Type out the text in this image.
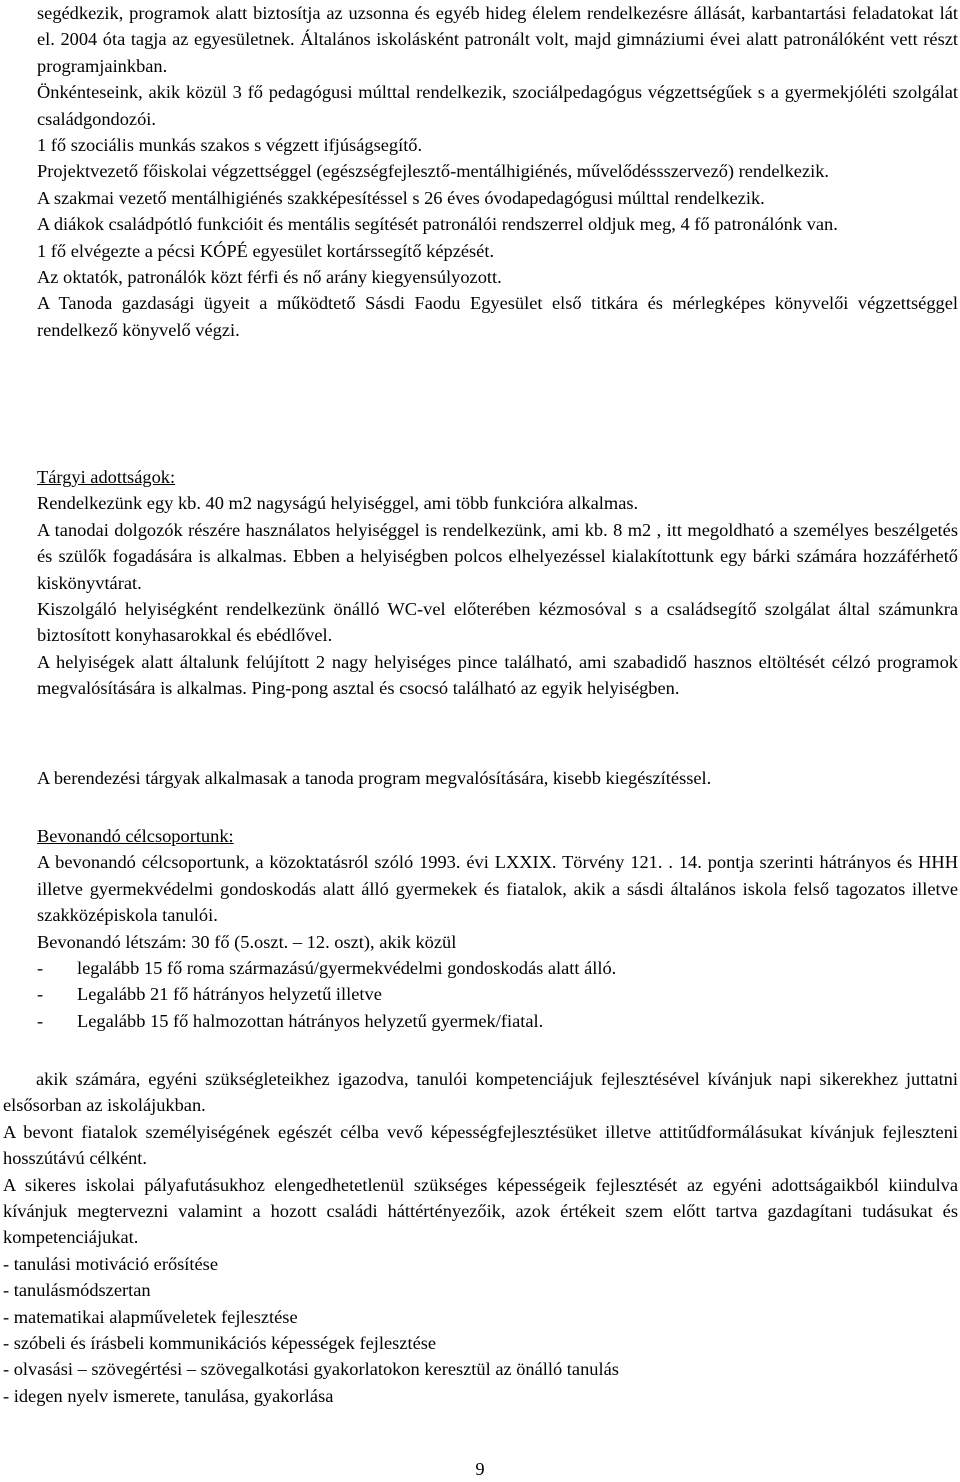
segédkezik, programok alatt biztosítja az uzsonna és egyéb hideg élelem rendelkezésre állását, karbantartási feladatokat lát el. 2004 óta tagja az egyesületnek. Általános iskolásként patronált volt, majd gimnáziumi évei alatt patronálóként vett részt programjainkban.

Önkénteseink, akik közül 3 fő pedagógusi múlttal rendelkezik, szociálpedagógus végzettségűek s a gyermekjóléti szolgálat családgondozói.

1 fő szociális munkás szakos s végzett ifjúságsegítő.

Projektvezető főiskolai végzettséggel (egészségfejlesztő-mentálhigiénés, művelődéssszervező) rendelkezik.

A szakmai vezető mentálhigiénés szakképesítéssel s 26 éves óvodapedagógusi múlttal rendelkezik.

A diákok családpótló funkcióit és mentális segítését patronálói rendszerrel oldjuk meg, 4 fő patronálónk van.

1 fő elvégezte a pécsi KÓPÉ egyesület kortárssegítő képzését.

Az oktatók, patronálók közt férfi és nő arány kiegyensúlyozott.

A Tanoda gazdasági ügyeit a működtető Sásdi Faodu Egyesület első titkára és mérlegképes könyvelői végzettséggel rendelkező könyvelő végzi.

Tárgyi adottságok:

Rendelkezünk egy kb. 40 m2 nagyságú helyiséggel, ami több funkcióra alkalmas.

A tanodai dolgozók részére használatos helyiséggel is rendelkezünk, ami kb. 8 m2 , itt megoldható a személyes beszélgetés és szülők fogadására is alkalmas. Ebben a helyiségben polcos elhelyezéssel kialakítottunk egy bárki számára hozzáférhető kiskönyvtárat.

Kiszolgáló helyiségként rendelkezünk önálló WC-vel előterében kézmosóval s a családsegítő szolgálat által számunkra biztosított konyhasarokkal és ebédlővel.

A helyiségek alatt általunk felújított 2 nagy helyiséges pince található, ami szabadidő hasznos eltöltését célzó programok megvalósítására is alkalmas. Ping-pong asztal és csocsó található az egyik helyiségben.

A berendezési tárgyak alkalmasak a tanoda program megvalósítására, kisebb kiegészítéssel.

Bevonandó célcsoportunk:

A bevonandó célcsoportunk, a közoktatásról szóló 1993. évi LXXIX. Törvény 121. . 14. pontja szerinti hátrányos és HHH illetve gyermekvédelmi gondoskodás alatt álló gyermekek és fiatalok, akik a sásdi általános iskola felső tagozatos illetve szakközépiskola tanulói.

Bevonandó létszám: 30 fő (5.oszt. – 12. oszt), akik közül

-	legalább 15 fő roma származású/gyermekvédelmi gondoskodás alatt álló.
-	Legalább 21 fő hátrányos helyzetű illetve
-	Legalább 15 fő halmozottan hátrányos helyzetű gyermek/fiatal.

akik számára, egyéni szükségleteikhez igazodva, tanulói kompetenciájuk fejlesztésével kívánjuk napi sikerekhez juttatni elsősorban az iskolájukban.

A bevont fiatalok személyiségének egészét célba vevő képességfejlesztésüket illetve attitűdformálásukat kívánjuk fejleszteni hosszútávú célként.

A sikeres iskolai pályafutásukhoz elengedhetetlenül szükséges képességeik fejlesztését az egyéni adottságaikból kiindulva kívánjuk megtervezni valamint a hozott családi háttértényezőik, azok értékeit szem előtt tartva gazdagítani tudásukat és kompetenciájukat.

- tanulási motiváció erősítése
- tanulásmódszertan
- matematikai alapműveletek fejlesztése
- szóbeli és írásbeli kommunikációs képességek fejlesztése
- olvasási – szövegértési – szövegalkotási gyakorlatokon keresztül az önálló tanulás
- idegen nyelv ismerete, tanulása, gyakorlása
9
